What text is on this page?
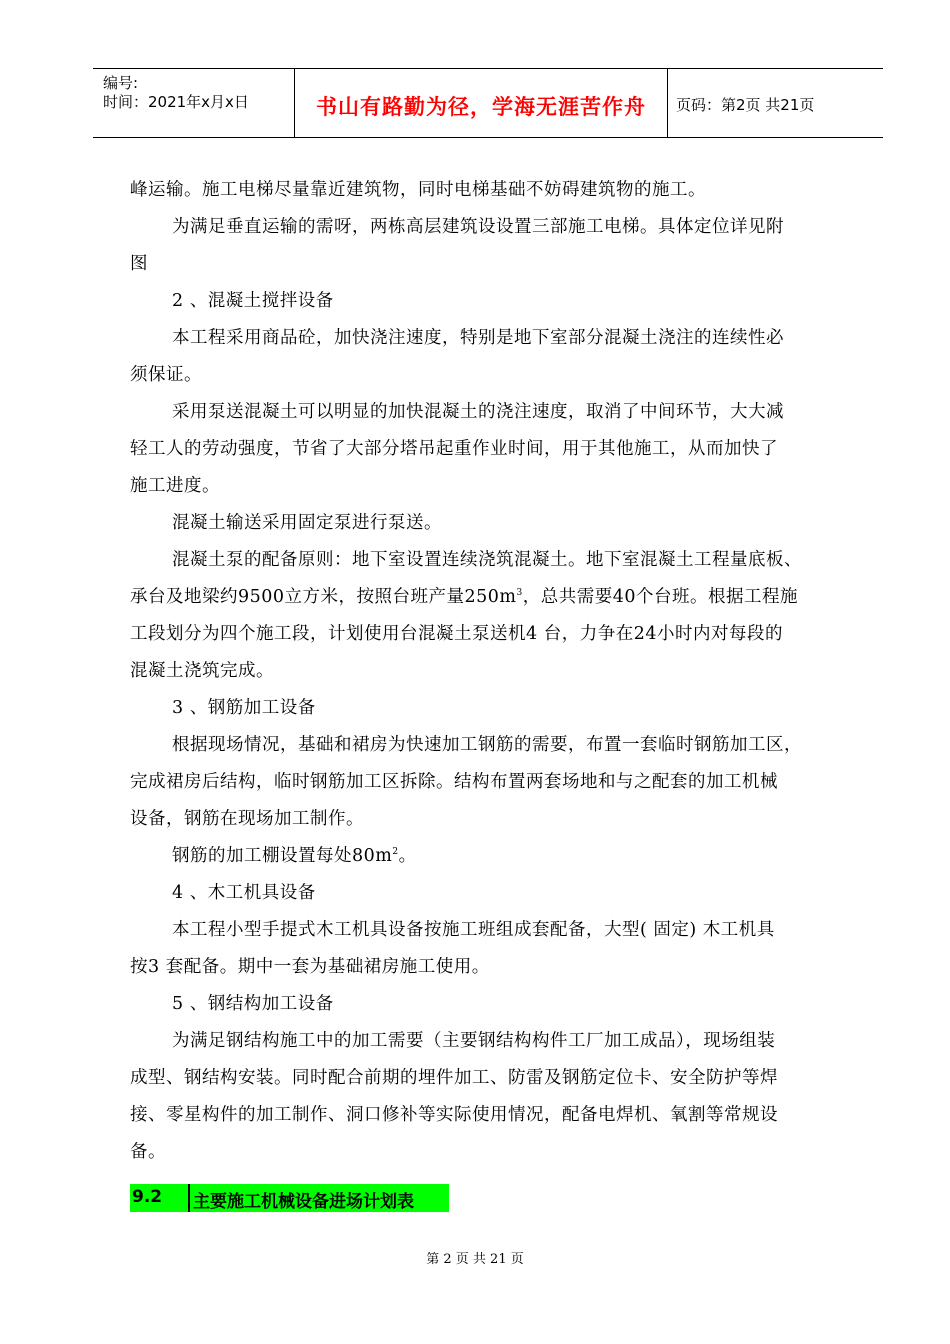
编号:
时间：2021年x月x日	书山有路勤为径，学海无涯苦作舟	页码：第2页 共21页
峰运输。施工电梯尽量靠近建筑物，同时电梯基础不妨碍建筑物的施工。
为满足垂直运输的需呀，两栋高层建筑设设置三部施工电梯。具体定位详见附
图
2 、混凝土搅拌设备
本工程采用商品砼，加快浇注速度，特别是地下室部分混凝土浇注的连续性必
须保证。
采用泵送混凝土可以明显的加快混凝土的浇注速度，取消了中间环节，大大减
轻工人的劳动强度，节省了大部分塔吊起重作业时间，用于其他施工，从而加快了
施工进度。
混凝土输送采用固定泵进行泵送。
混凝土泵的配备原则：地下室设置连续浇筑混凝土。地下室混凝土工程量底板、
承台及地梁约9500立方米，按照台班产量$250m^3$，总共需要40个台班。根据工程施
工段划分为四个施工段，计划使用台混凝土泵送机4 台，力争在24小时内对每段的
混凝土浇筑完成。
3 、钢筋加工设备
根据现场情况，基础和裙房为快速加工钢筋的需要，布置一套临时钢筋加工区，
完成裙房后结构，临时钢筋加工区拆除。结构布置两套场地和与之配套的加工机械
设备，钢筋在现场加工制作。
钢筋的加工棚设置每处$80m^2$。
4 、木工机具设备
本工程小型手提式木工机具设备按施工班组成套配备，大型( 固定) 木工机具
按3 套配备。期中一套为基础裙房施工使用。
5 、钢结构加工设备
为满足钢结构施工中的加工需要（主要钢结构构件工厂加工成品），现场组装
成型、钢结构安装。同时配合前期的埋件加工、防雷及钢筋定位卡、安全防护等焊
接、零星构件的加工制作、洞口修补等实际使用情况，配备电焊机、氧割等常规设
备。
9.2 主要施工机械设备进场计划表
第 2 页 共 21 页
